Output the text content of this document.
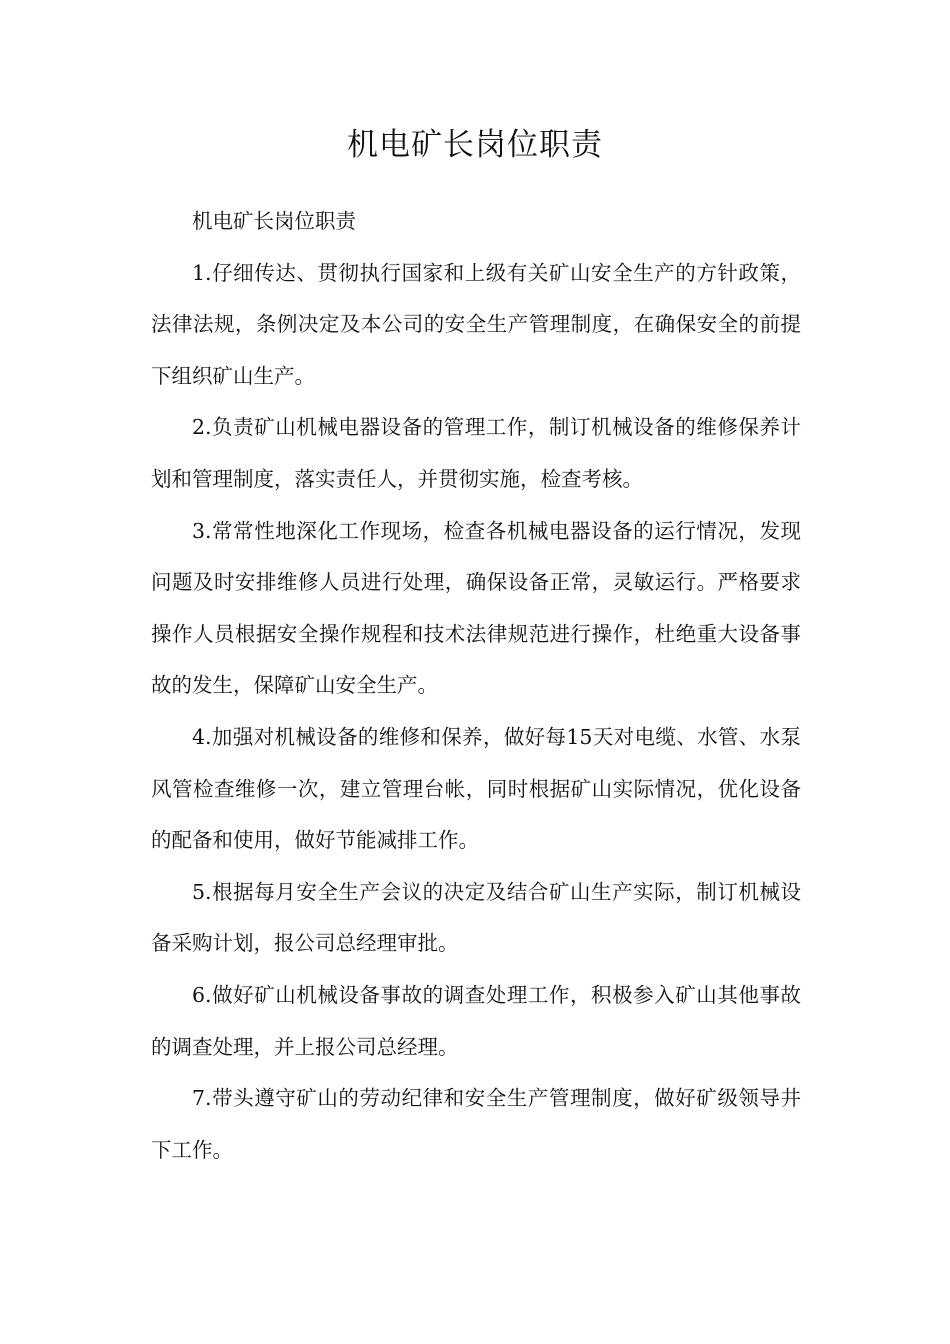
机电矿长岗位职责

机电矿长岗位职责

1.仔细传达、贯彻执行国家和上级有关矿山安全生产的方针政策，法律法规，条例决定及本公司的安全生产管理制度，在确保安全的前提下组织矿山生产。

2.负责矿山机械电器设备的管理工作，制订机械设备的维修保养计划和管理制度，落实责任人，并贯彻实施，检查考核。

3.常常性地深化工作现场，检查各机械电器设备的运行情况，发现问题及时安排维修人员进行处理，确保设备正常，灵敏运行。严格要求操作人员根据安全操作规程和技术法律规范进行操作，杜绝重大设备事故的发生，保障矿山安全生产。

4.加强对机械设备的维修和保养，做好每15天对电缆、水管、水泵风管检查维修一次，建立管理台帐，同时根据矿山实际情况，优化设备的配备和使用，做好节能减排工作。

5.根据每月安全生产会议的决定及结合矿山生产实际，制订机械设备采购计划，报公司总经理审批。

6.做好矿山机械设备事故的调查处理工作，积极参入矿山其他事故的调查处理，并上报公司总经理。

7.带头遵守矿山的劳动纪律和安全生产管理制度，做好矿级领导井下工作。
